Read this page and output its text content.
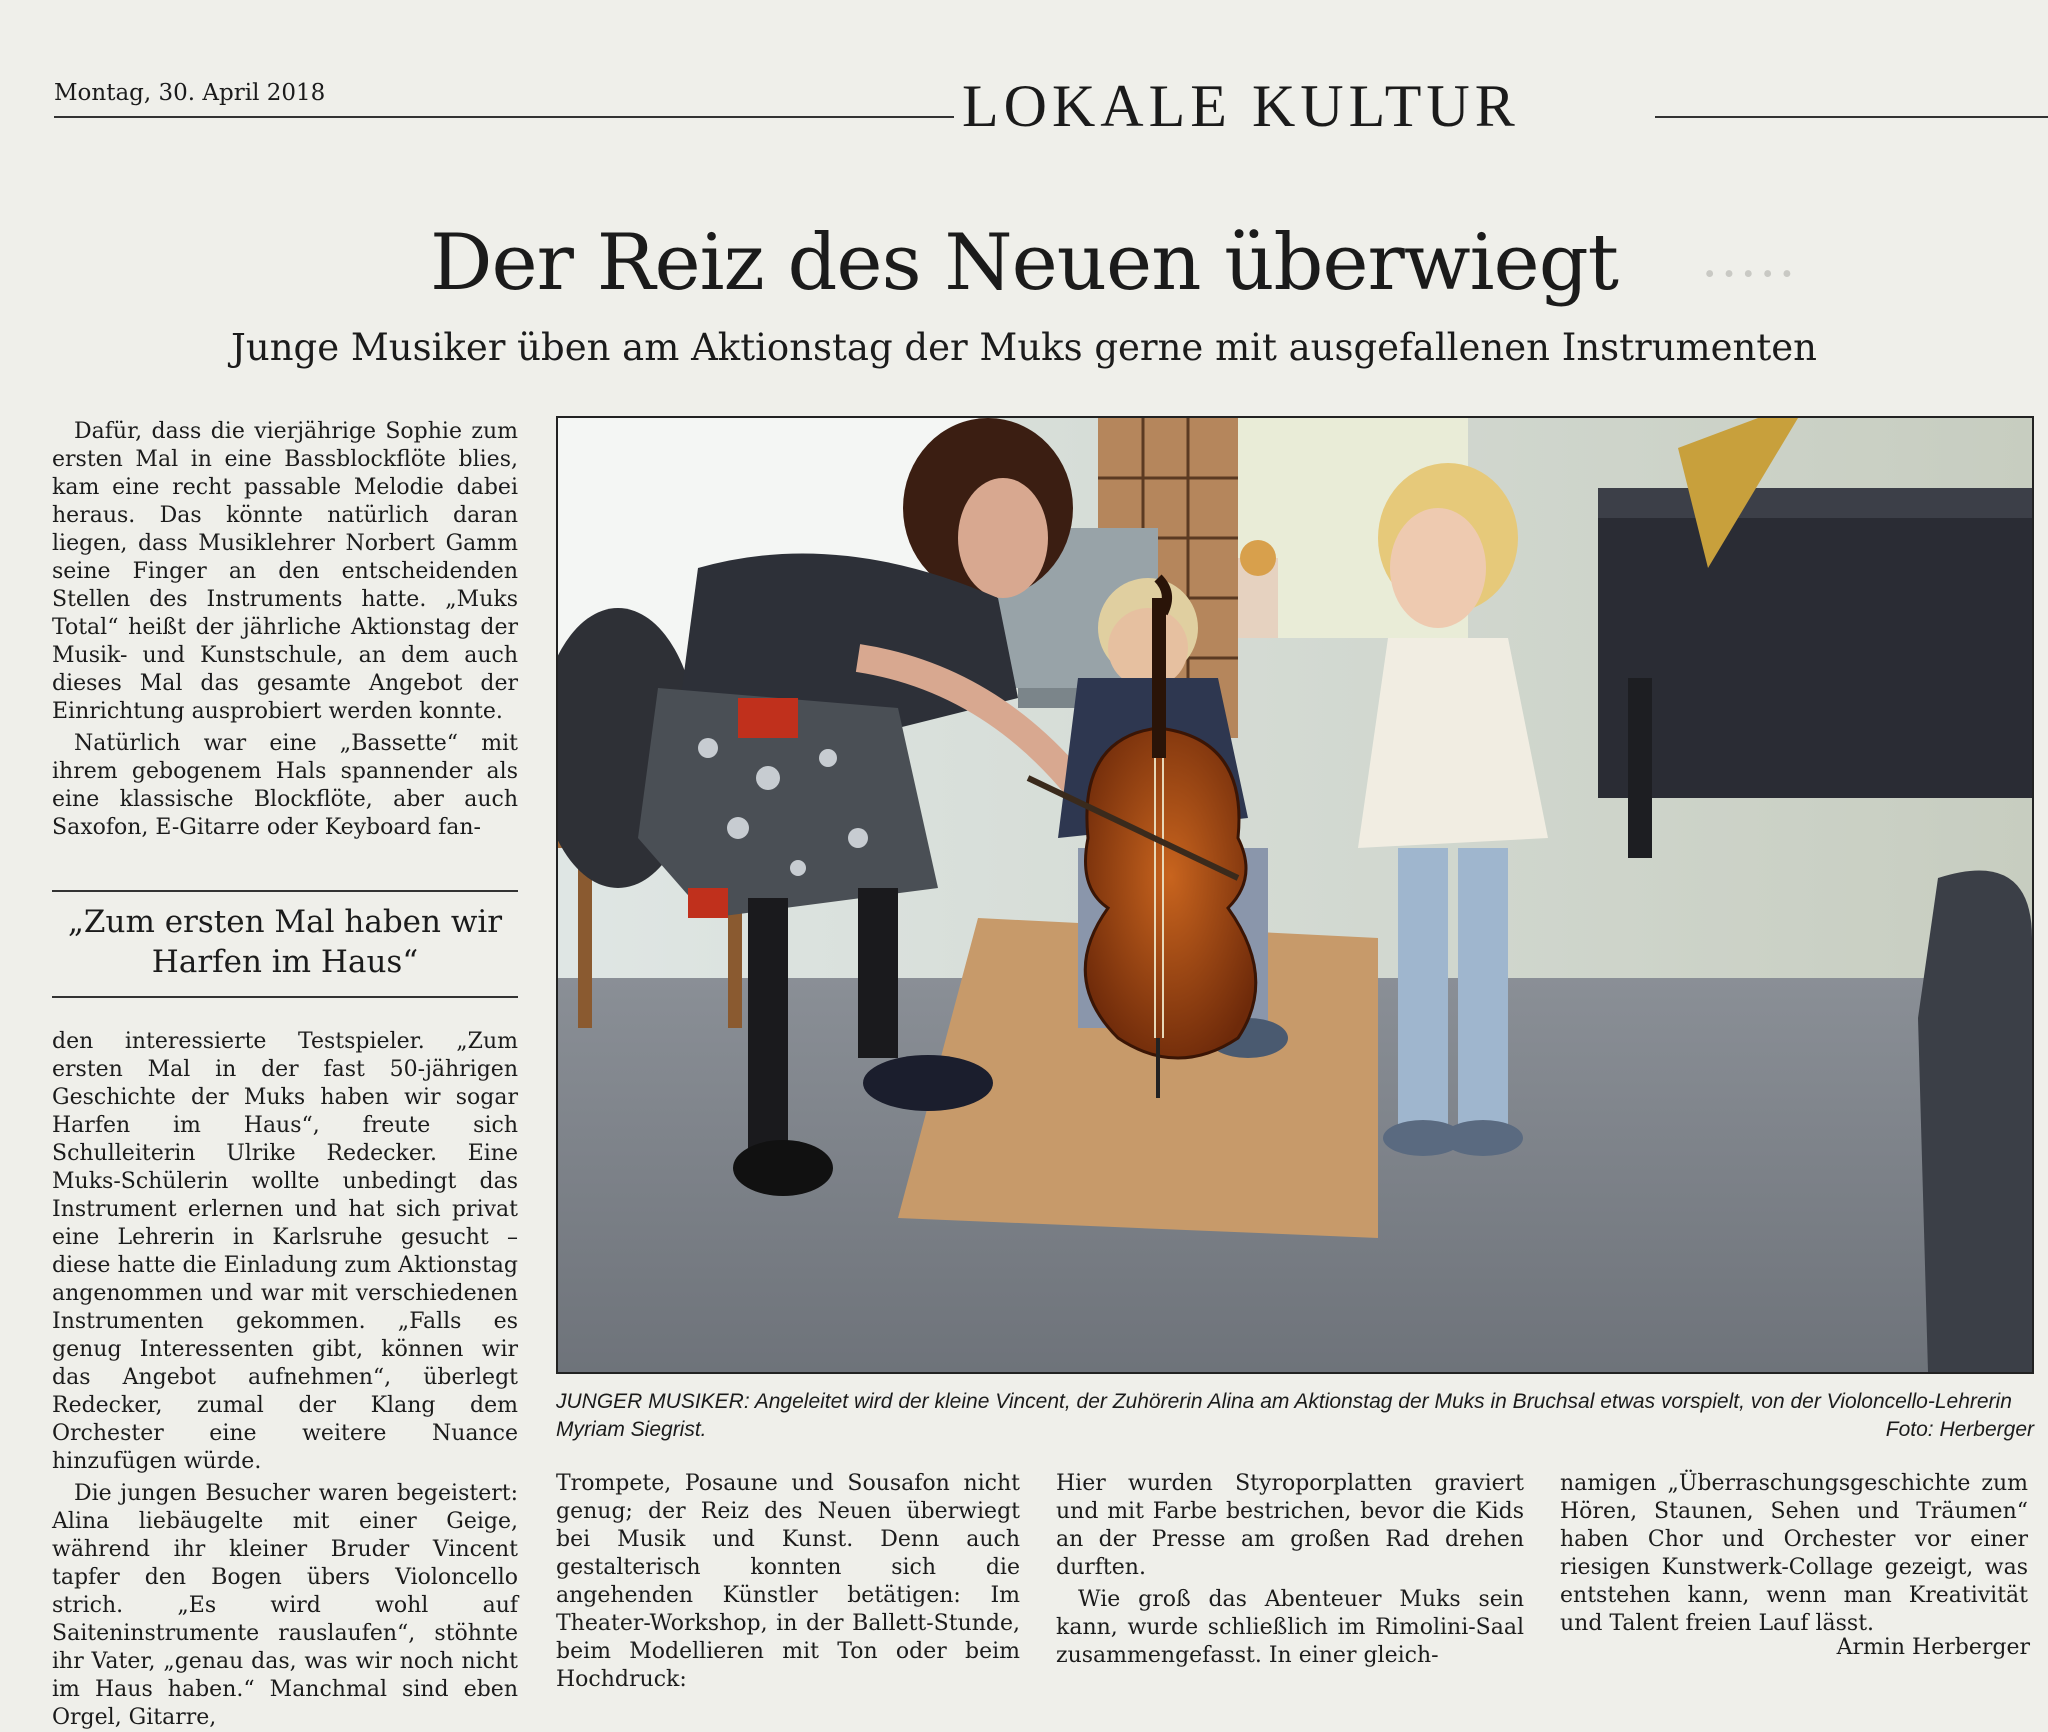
·····
Montag, 30. April 2018	LOKALE KULTUR
Der Reiz des Neuen überwiegt
Junge Musiker üben am Aktionstag der Muks gerne mit ausgefallenen Instrumenten

Dafür, dass die vierjährige Sophie zum ersten Mal in eine Bassblockflöte blies, kam eine recht passable Melodie dabei heraus. Das könnte natürlich daran liegen, dass Musiklehrer Norbert Gamm seine Finger an den entscheidenden Stellen des Instruments hatte. „Muks Total“ heißt der jährliche Aktionstag der Musik- und Kunstschule, an dem auch dieses Mal das gesamte Angebot der Einrichtung ausprobiert werden konnte.

Natürlich war eine „Bassette“ mit ihrem gebogenem Hals spannender als eine klassische Blockflöte, aber auch Saxofon, E-Gitarre oder Keyboard fan-

„Zum ersten Mal haben wir Harfen im Haus“

den interessierte Testspieler. „Zum ersten Mal in der fast 50-jährigen Geschichte der Muks haben wir sogar Harfen im Haus“, freute sich Schulleiterin Ulrike Redecker. Eine Muks-Schülerin wollte unbedingt das Instrument erlernen und hat sich privat eine Lehrerin in Karlsruhe gesucht – diese hatte die Einladung zum Aktionstag angenommen und war mit verschiedenen Instrumenten gekommen. „Falls es genug Interessenten gibt, können wir das Angebot aufnehmen“, überlegt Redecker, zumal der Klang dem Orchester eine weitere Nuance hinzufügen würde.

Die jungen Besucher waren begeistert: Alina liebäugelte mit einer Geige, während ihr kleiner Bruder Vincent tapfer den Bogen übers Violoncello strich. „Es wird wohl auf Saiteninstrumente rauslaufen“, stöhnte ihr Vater, „genau das, was wir noch nicht im Haus haben.“ Manchmal sind eben Orgel, Gitarre,

JUNGER MUSIKER: Angeleitet wird der kleine Vincent, der Zuhörerin Alina am Aktionstag der Muks in Bruchsal etwas vorspielt, von der Violoncello-Lehrerin Myriam Siegrist.	Foto: Herberger

Trompete, Posaune und Sousafon nicht genug; der Reiz des Neuen überwiegt bei Musik und Kunst. Denn auch gestalterisch konnten sich die angehenden Künstler betätigen: Im Theater-Workshop, in der Ballett-Stunde, beim Modellieren mit Ton oder beim Hochdruck:

Hier wurden Styroporplatten graviert und mit Farbe bestrichen, bevor die Kids an der Presse am großen Rad drehen durften.

Wie groß das Abenteuer Muks sein kann, wurde schließlich im Rimolini-Saal zusammengefasst. In einer gleich-

namigen „Überraschungsgeschichte zum Hören, Staunen, Sehen und Träumen“ haben Chor und Orchester vor einer riesigen Kunstwerk-Collage gezeigt, was entstehen kann, wenn man Kreativität und Talent freien Lauf lässt.

Armin Herberger
